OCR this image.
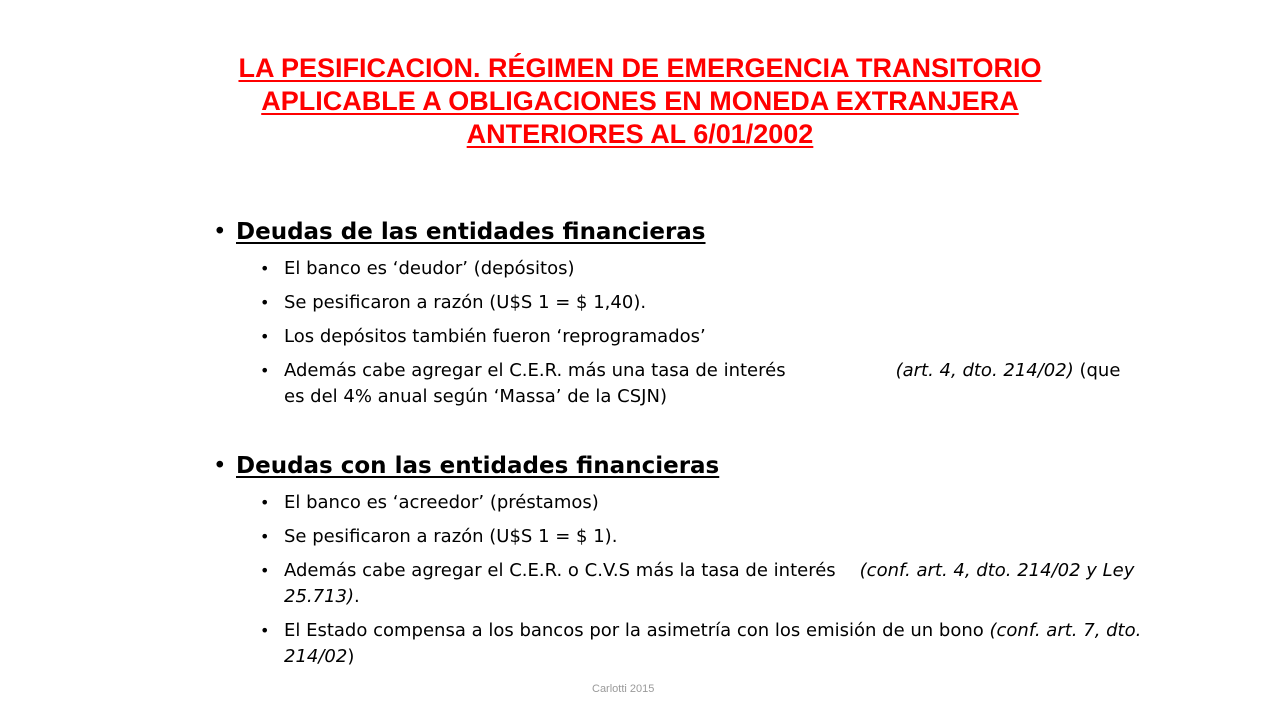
LA PESIFICACION. RÉGIMEN DE EMERGENCIA TRANSITORIO
APLICABLE A OBLIGACIONES EN MONEDA EXTRANJERA
ANTERIORES AL 6/01/2002
• Deudas de las entidades financieras
• El banco es ‘deudor’ (depósitos)
• Se pesificaron a razón (U$S 1 = $ 1,40).
• Los depósitos también fueron ‘reprogramados’
• Además cabe agregar el C.E.R. más una tasa de interés	(art. 4, dto. 214/02) (que es del 4% anual según ‘Massa’ de la CSJN)
• Deudas con las entidades financieras
• El banco es ‘acreedor’ (préstamos)
• Se pesificaron a razón (U$S 1 = $ 1).
• Además cabe agregar el C.E.R. o C.V.S más la tasa de interés (conf. art. 4, dto. 214/02 y Ley 25.713).
• El Estado compensa a los bancos por la asimetría con los emisión de un bono (conf. art. 7, dto. 214/02)
Carlotti 2015
